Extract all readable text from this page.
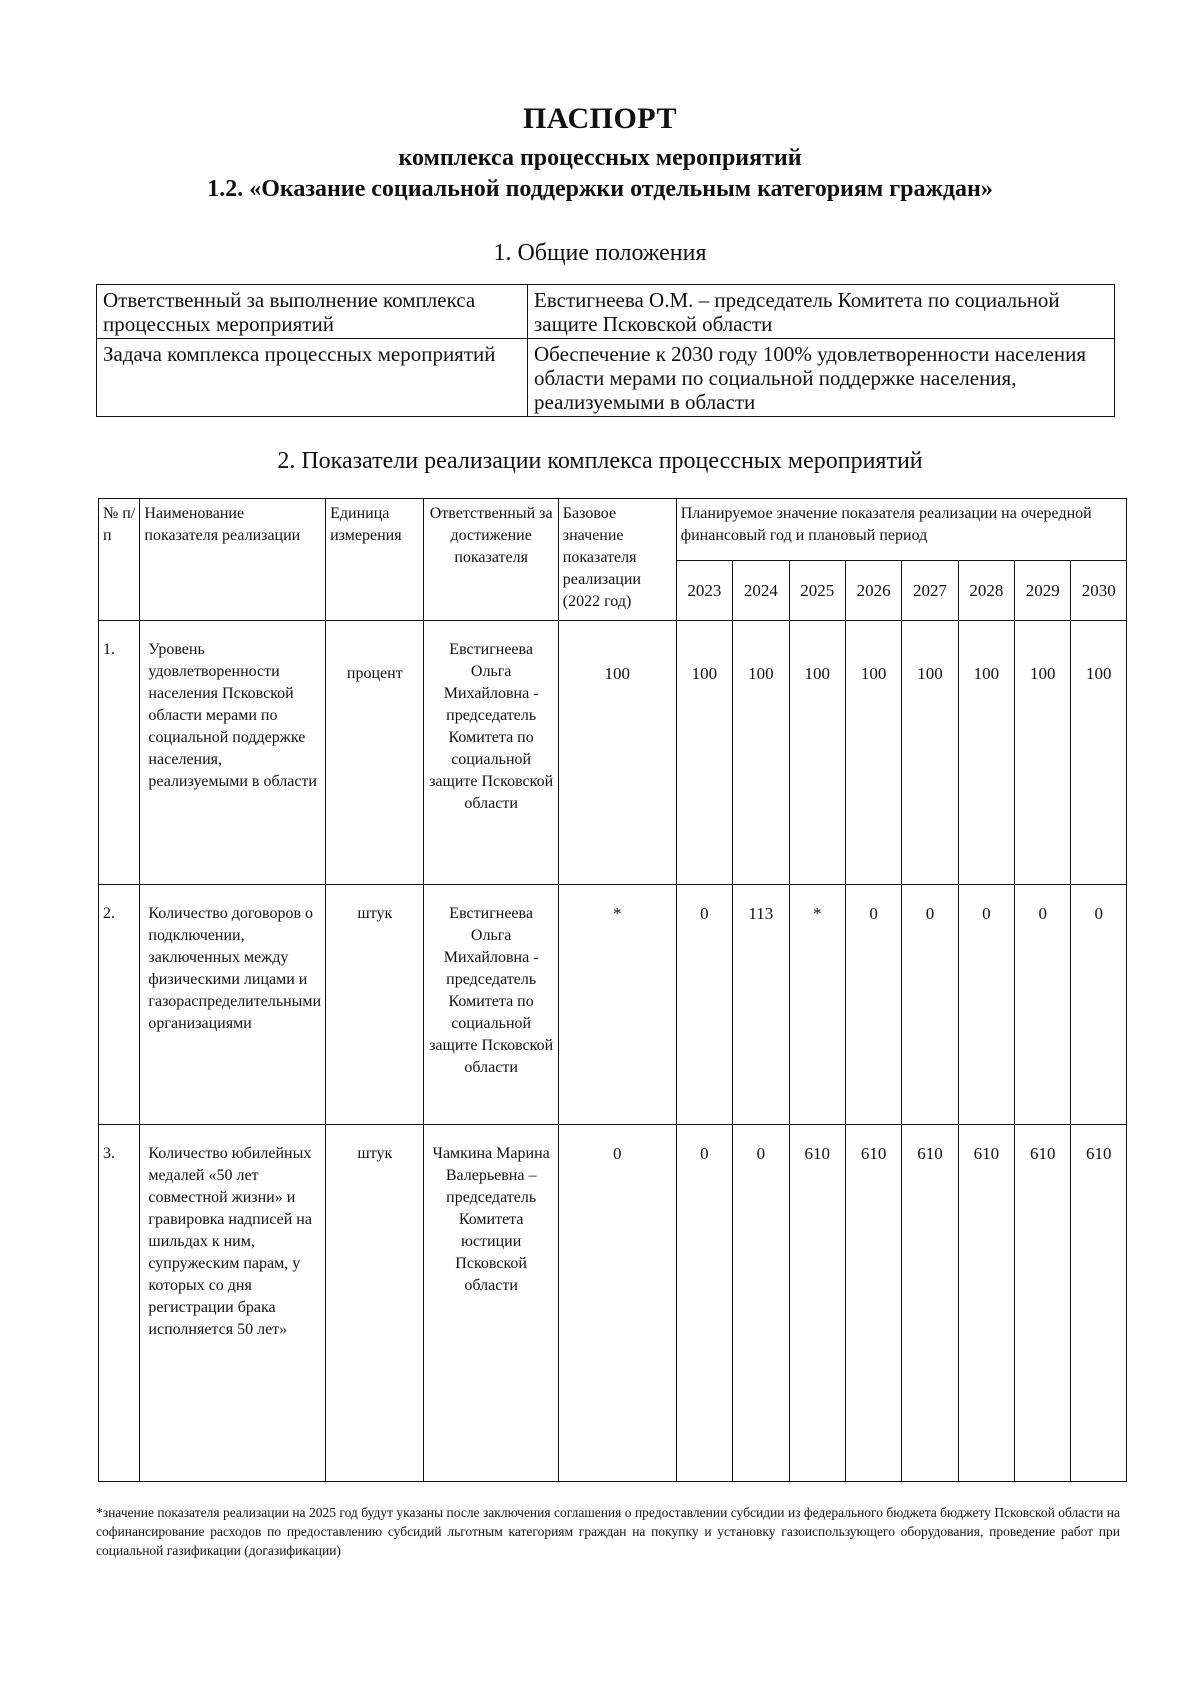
ПАСПОРТ
комплекса процессных мероприятий
1.2. «Оказание социальной поддержки отдельным категориям граждан»
1. Общие положения
Ответственный за выполнение комплекса процессных мероприятий	Евстигнеева О.М. – председатель Комитета по социальной защите Псковской области
Задача комплекса процессных мероприятий	Обеспечение к 2030 году 100% удовлетворенности населения области мерами по социальной поддержке населения, реализуемыми в области
2. Показатели реализации комплекса процессных мероприятий
№ п/п	Наименование показателя реализации	Единица измерения	Ответственный за достижение показателя	Базовое значение показателя реализации (2022 год)	Планируемое значение показателя реализации на очередной финансовый год и плановый период							
					2023	2024	2025	2026	2027	2028	2029	2030
1.	Уровень удовлетворенности населения Псковской области мерами по социальной поддержке населения, реализуемыми в области	процент	Евстигнеева Ольга Михайловна - председатель Комитета по социальной защите Псковской области	100	100	100	100	100	100	100	100	100
2.	Количество договоров о подключении, заключенных между физическими лицами и газораспределительными организациями	штук	Евстигнеева Ольга Михайловна - председатель Комитета по социальной защите Псковской области	*	0	113	*	0	0	0	0	0
3.	Количество юбилейных медалей «50 лет совместной жизни» и гравировка надписей на шильдах к ним, супружеским парам, у которых со дня регистрации брака исполняется 50 лет»	штук	Чамкина Марина Валерьевна – председатель Комитета юстиции Псковской области	0	0	0	610	610	610	610	610	610
*значение показателя реализации на 2025 год будут указаны после заключения соглашения о предоставлении субсидии из федерального бюджета бюджету Псковской области на софинансирование расходов по предоставлению субсидий льготным категориям граждан на покупку и установку газоиспользующего оборудования, проведение работ при социальной газификации (догазификации)
